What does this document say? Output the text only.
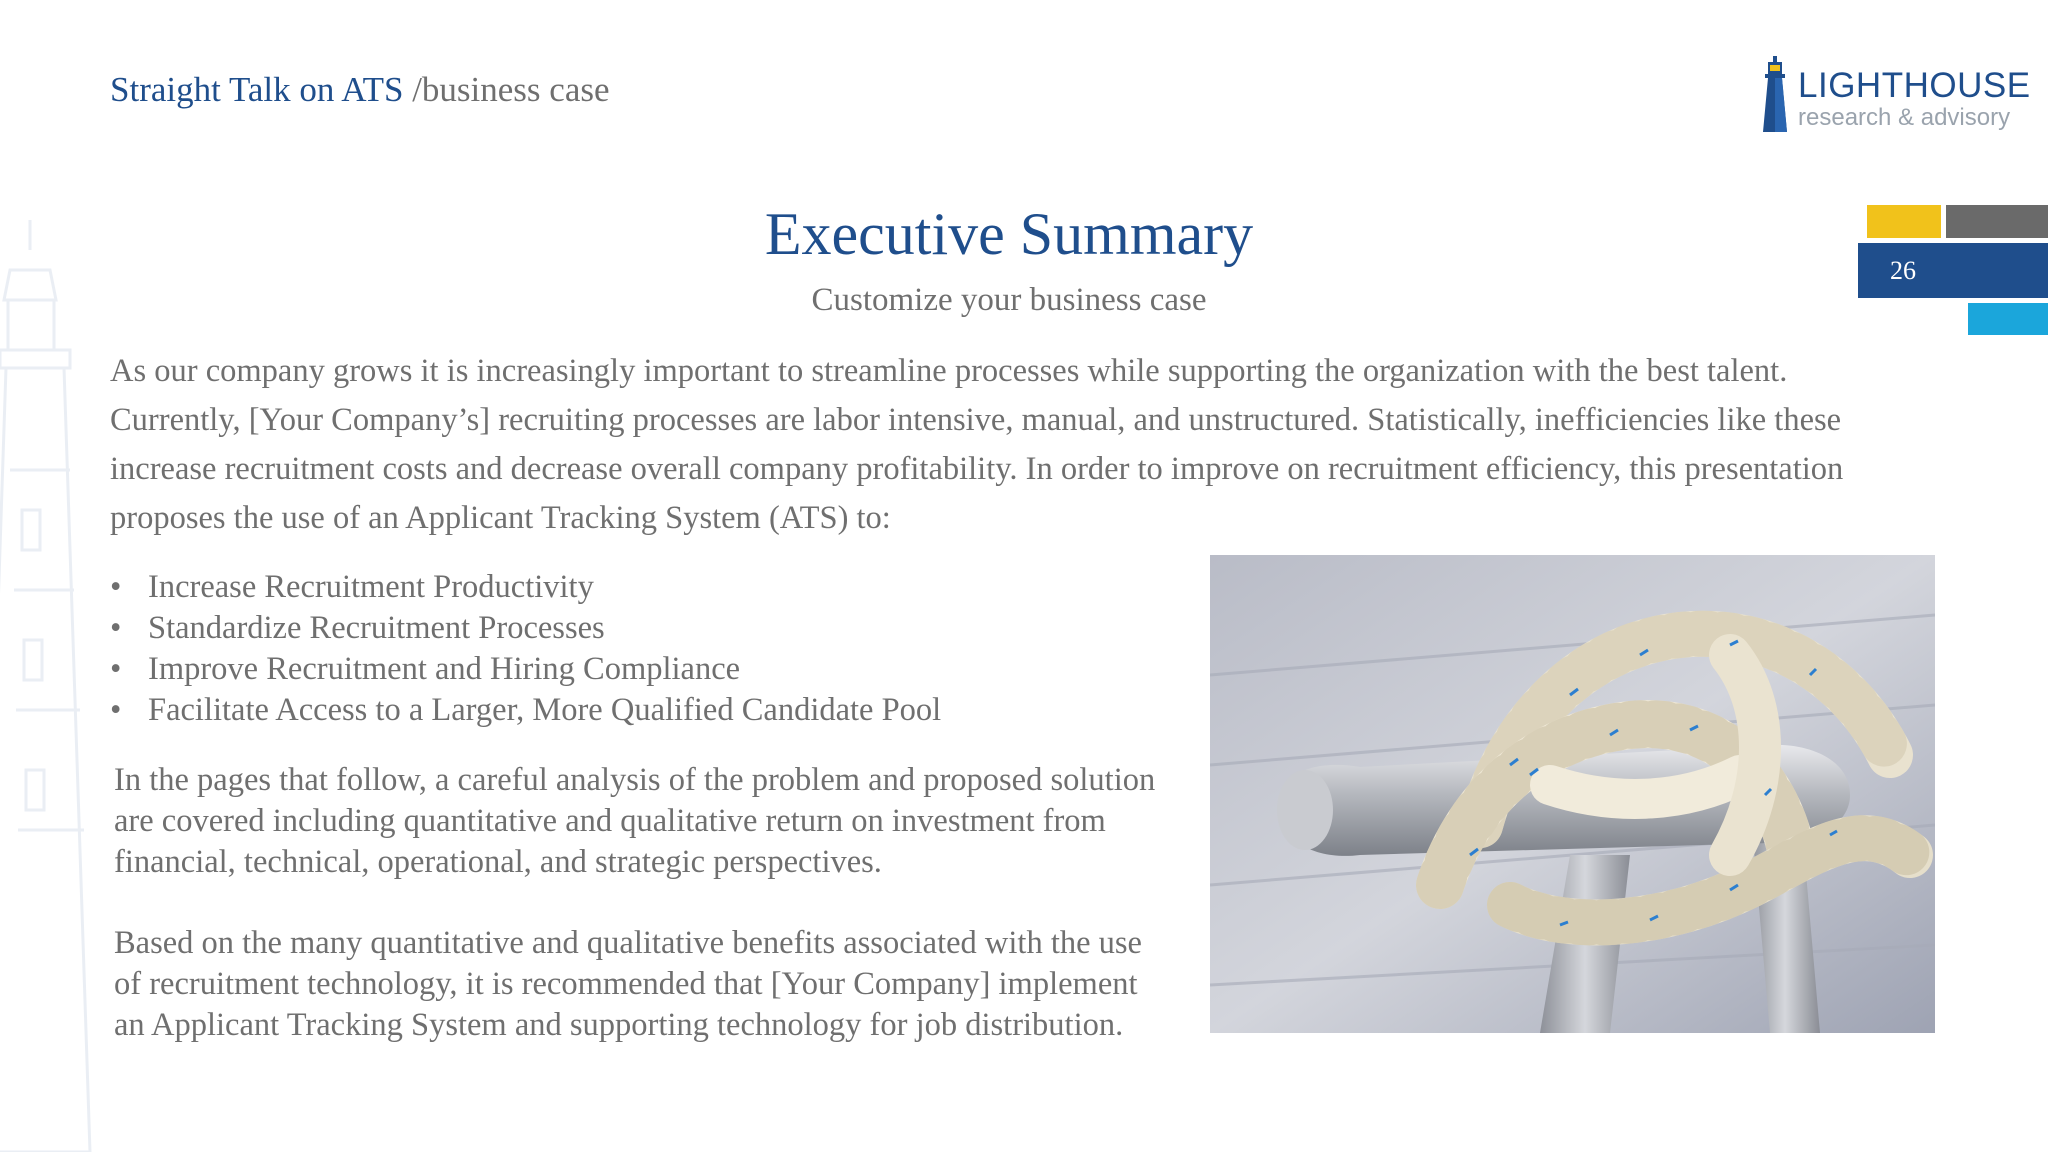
Straight Talk on ATS /business case	LIGHTHOUSE
research & advisory
26
Executive Summary
Customize your business case
As our company grows it is increasingly important to streamline processes while supporting the organization with the best talent. Currently, [Your Company’s] recruiting processes are labor intensive, manual, and unstructured. Statistically, inefficiencies like these increase recruitment costs and decrease overall company profitability. In order to improve on recruitment efficiency, this presentation proposes the use of an Applicant Tracking System (ATS) to:
• Increase Recruitment Productivity
• Standardize Recruitment Processes
• Improve Recruitment and Hiring Compliance
• Facilitate Access to a Larger, More Qualified Candidate Pool
In the pages that follow, a careful analysis of the problem and proposed solution are covered including quantitative and qualitative return on investment from financial, technical, operational, and strategic perspectives.
Based on the many quantitative and qualitative benefits associated with the use of recruitment technology, it is recommended that [Your Company] implement an Applicant Tracking System and supporting technology for job distribution.
